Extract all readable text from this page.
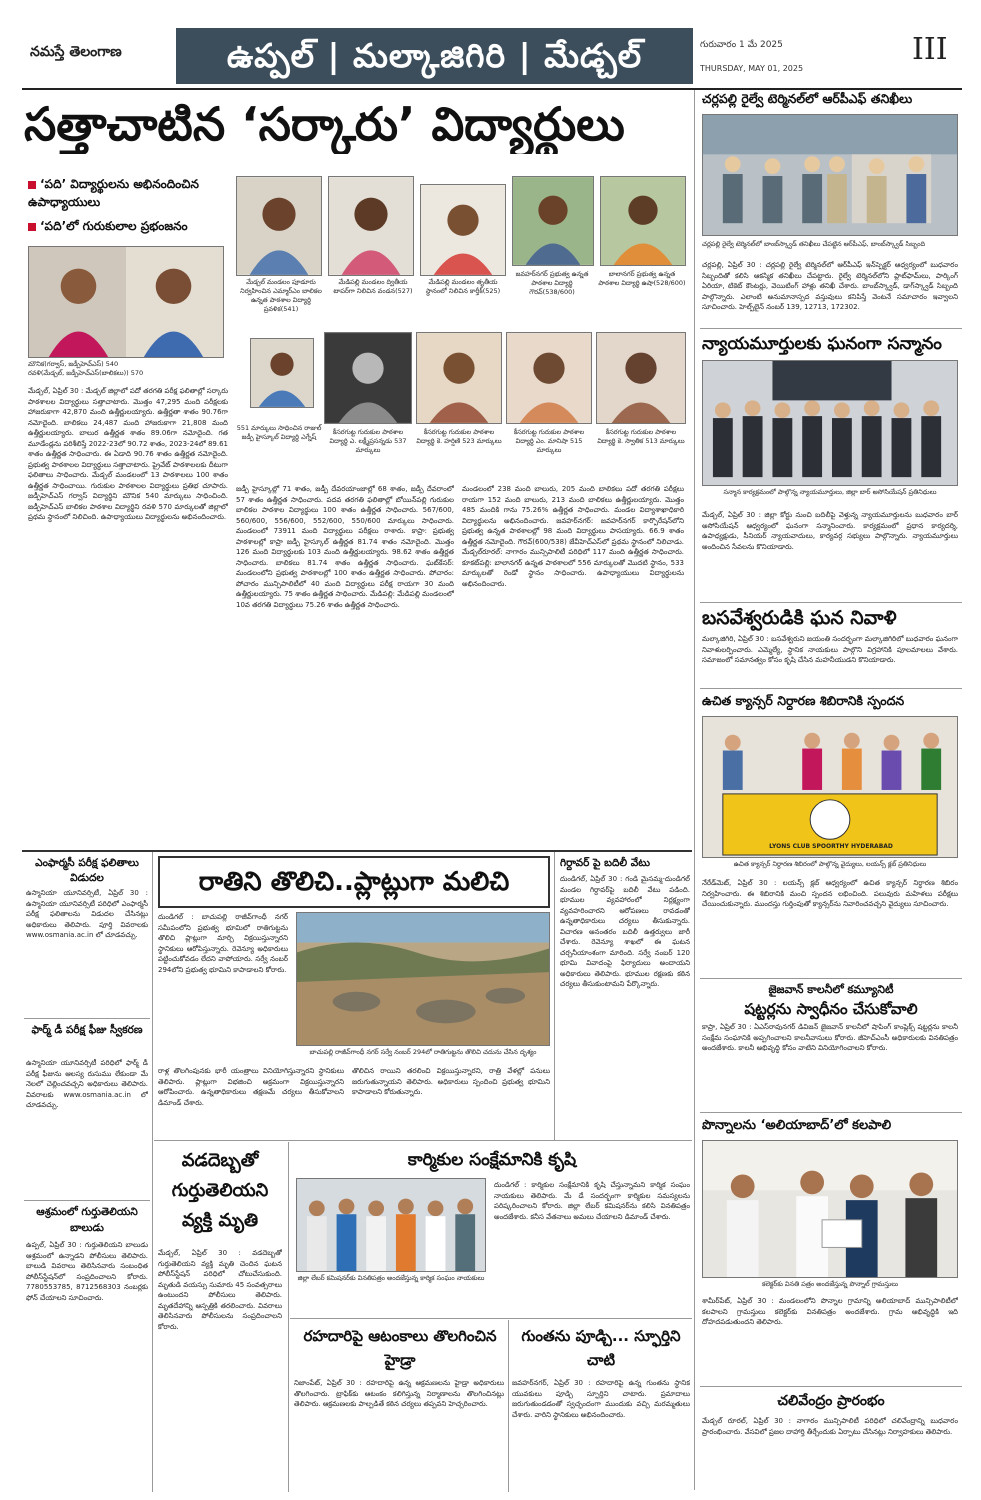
నమస్తే తెలంగాణ	ఉప్పల్ | మల్కాజిగిరి | మేడ్చల్	గురువారం 1 మే 2025
THURSDAY, MAY 01, 2025
III
సత్తాచాటిన ‘సర్కారు’ విద్యార్థులు
‘పది’ విద్యార్థులను అభినందించిన ఉపాధ్యాయులు
‘పది’లో గురుకులాల ప్రభంజనం
మౌనిక(గర్వాస్, జడ్పీహెచ్ఎస్) 540
రవళి(మేడ్చల్, జడ్పీహెచ్ఎస్(బాలికలు)) 570
మేడ్చల్ మండలం పూడూరు నిర్వహించిన ఎమ్మార్ఎం బాలికల ఉన్నత పాఠశాల విద్యార్థి ప్రవళిక(541)
మేడిపల్లి మండలం ద్వితీయ టాపర్‌గా నిలిచిన వండన(527)
మేడిపల్లి మండలం తృతీయ స్థానంలో నిలిచిన కార్తీక్(525)
జవహర్‌నగర్ ప్రభుత్వ ఉన్నత పాఠశాల విద్యార్థి గౌరవ్(538/600)
బాలానగర్ ప్రభుత్వ ఉన్నత పాఠశాల విద్యార్థి ఉషా(528/600)
551 మార్కులు సాధించిన రాజుల్ జడ్పీ హైస్కూల్ విద్యార్థి ఎగ్నేష్
కీసరగుట్ట గురుకుల పాఠశాల విద్యార్థి ఎ. లక్ష్మీప్రసన్నడు 537 మార్కులు
కీసరగుట్ట గురుకుల పాఠశాల విద్యార్థి కె. హర్షిణి 523 మార్కులు
కీసరగుట్ట గురుకుల పాఠశాల విద్యార్థి ఎం. మానిషా 515 మార్కులు
కీసరగుట్ట గురుకుల పాఠశాల విద్యార్థి కె. స్వాతిక 513 మార్కులు
మేడ్చల్, ఏప్రిల్ 30 : మేడ్చల్ జిల్లాలో పదో తరగతి పరీక్ష ఫలితాల్లో సర్కారు పాఠశాలల విద్యార్థులు సత్తాచాటారు. మొత్తం 47,295 మంది పరీక్షలకు హాజరుకాగా 42,870 మంది ఉత్తీర్ణులయ్యారు. ఉత్తీర్ణతా శాతం 90.76గా నమోదైంది. బాలికలు 24,487 మంది హాజరుకాగా 21,808 మంది ఉత్తీర్ణులయ్యారు. బాలుర ఉత్తీర్ణత శాతం 89.06గా నమోదైంది. గత మూడేండ్లను పరిశీలిస్తే 2022-23లో 90.72 శాతం, 2023-24లో 89.61 శాతం ఉత్తీర్ణత సాధించారు. ఈ ఏడాది 90.76 శాతం ఉత్తీర్ణత నమోదైంది. ప్రభుత్వ పాఠశాలల విద్యార్థులు సత్తాచాటారు. ప్రైవేట్ పాఠశాలలకు దీటుగా ఫలితాలు సాధించారు. మేడ్చల్ మండలంలో 13 పాఠశాలలు 100 శాతం ఉత్తీర్ణత సాధించాయి. గురుకుల పాఠశాలల విద్యార్థులు ప్రతిభ చూపారు. జడ్పీహెచ్ఎస్ గర్వాస్ విద్యార్థిని మౌనిక 540 మార్కులు సాధించింది. జడ్పీహెచ్ఎస్ బాలికల పాఠశాల విద్యార్థిని రవళి 570 మార్కులతో జిల్లాలో ప్రథమ స్థానంలో నిలిచింది. ఉపాధ్యాయులు విద్యార్థులను అభినందించారు.
జడ్పీ హైస్కూల్లో 71 శాతం, జడ్పీ దేవరయాంజాల్లో 68 శాతం, జడ్పీ దేవరాంలో 57 శాతం ఉత్తీర్ణత సాధించారు. పదవ తరగతి ఫలితాల్లో బోయిన్‌పల్లి గురుకుల బాలికల పాఠశాల విద్యార్థులు 100 శాతం ఉత్తీర్ణత సాధించారు. 567/600, 560/600, 556/600, 552/600, 550/600 మార్కులు సాధించారు. మండలంలో 73911 మంది విద్యార్థులు పరీక్షలు రాశారు. కాప్రా: ప్రభుత్వ పాఠశాలల్లో కాప్రా జడ్పీ హైస్కూల్ ఉత్తీర్ణత 81.74 శాతం నమోదైంది. మొత్తం 126 మంది విద్యార్థులకు 103 మంది ఉత్తీర్ణులయ్యారు. 98.62 శాతం ఉత్తీర్ణత సాధించారు. బాలికలు 81.74 శాతం ఉత్తీర్ణత సాధించారు. ఘట్‌కేసర్: మండలంలోని ప్రభుత్వ పాఠశాలల్లో 100 శాతం ఉత్తీర్ణత సాధించారు. పోచారం: పోచారం మున్సిపాలిటీలో 40 మంది విద్యార్థులు పరీక్ష రాయగా 30 మంది ఉత్తీర్ణులయ్యారు. 75 శాతం ఉత్తీర్ణత సాధించారు. మేడిపల్లి: మేడిపల్లి మండలంలో 10వ తరగతి విద్యార్థులు 75.26 శాతం ఉత్తీర్ణత సాధించారు.
మండలంలో 238 మంది బాలురు, 205 మంది బాలికలు పదో తరగతి పరీక్షలు రాయగా 152 మంది బాలురు, 213 మంది బాలికలు ఉత్తీర్ణులయ్యారు. మొత్తం 485 మందికి గాను 75.26% ఉత్తీర్ణత సాధించారు. మండల విద్యాశాఖాధికారి విద్యార్థులను అభినందించారు. జవహర్‌నగర్: జవహర్‌నగర్ కార్పొరేషన్‌లోని ప్రభుత్వ ఉన్నత పాఠశాలల్లో 98 మంది విద్యార్థులు పాసయ్యారు. 66.9 శాతం ఉత్తీర్ణత నమోదైంది. గౌరవ్(600/538) జేవీహెచ్‌ఎస్‌లో ప్రథమ స్థానంలో నిలిచాడు. మేడ్చల్‌రూరల్: నాగారం మున్సిపాలిటీ పరిధిలో 117 మంది ఉత్తీర్ణత సాధించారు. కూకట్‌పల్లి: బాలానగర్ ఉన్నత పాఠశాలలో 556 మార్కులతో మొదటి స్థానం, 533 మార్కులతో రెండో స్థానం సాధించారు. ఉపాధ్యాయులు విద్యార్థులను అభినందించారు.
చర్లపల్లి రైల్వే టెర్మినల్‌లో ఆర్‌పీఎఫ్ తనిఖీలు
చర్లపల్లి రైల్వే టెర్మినల్‌లో బాంబ్‌స్క్వాడ్ తనిఖీలు చేపట్టిన ఆర్‌పీఎఫ్, బాంబ్‌స్క్వాడ్ సిబ్బంది
చర్లపల్లి, ఏప్రిల్ 30 : చర్లపల్లి రైల్వే టెర్మినల్‌లో ఆర్‌పీఎఫ్ ఇన్‌స్పెక్టర్ ఆధ్వర్యంలో బుధవారం సిబ్బందితో కలిసి ఆకస్మిక తనిఖీలు చేపట్టారు. రైల్వే టెర్మినల్‌లోని ప్లాట్‌ఫామ్‌లు, పార్కింగ్ ఏరియా, టికెట్ కౌంటర్లు, వెయిటింగ్ హాళ్లు తనిఖీ చేశారు. బాంబ్‌స్క్వాడ్, డాగ్‌స్క్వాడ్ సిబ్బంది పాల్గొన్నారు. ఎలాంటి అనుమానాస్పద వస్తువులు కనిపిస్తే వెంటనే సమాచారం ఇవ్వాలని సూచించారు. హెల్ప్‌లైన్ నంబర్ 139, 12713, 172302.
న్యాయమూర్తులకు ఘనంగా సన్మానం
సన్మాన కార్యక్రమంలో పాల్గొన్న న్యాయమూర్తులు, జిల్లా బార్ అసోసియేషన్ ప్రతినిధులు
మేడ్చల్, ఏప్రిల్ 30 : జిల్లా కోర్టు నుంచి బదిలీపై వెళ్తున్న న్యాయమూర్తులను బుధవారం బార్ అసోసియేషన్ ఆధ్వర్యంలో ఘనంగా సన్మానించారు. కార్యక్రమంలో ప్రధాన కార్యదర్శి, ఉపాధ్యక్షుడు, సీనియర్ న్యాయవాదులు, కార్యవర్గ సభ్యులు పాల్గొన్నారు. న్యాయమూర్తులు అందించిన సేవలను కొనియాడారు.
బసవేశ్వరుడికి ఘన నివాళి
మల్కాజిగిరి, ఏప్రిల్ 30 : బసవేశ్వరుని జయంతి సందర్భంగా మల్కాజిగిరిలో బుధవారం ఘనంగా నివాళులర్పించారు. ఎమ్మెల్యే, స్థానిక నాయకులు పాల్గొని విగ్రహానికి పూలమాలలు వేశారు. సమాజంలో సమానత్వం కోసం కృషి చేసిన మహనీయుడని కొనియాడారు.
ఉచిత క్యాన్సర్ నిర్ధారణ శిబిరానికి స్పందన
LYONS CLUB SPOORTHY HYDERABAD
ఉచిత క్యాన్సర్ నిర్ధారణ శిబిరంలో పాల్గొన్న వైద్యులు, లయన్స్ క్లబ్ ప్రతినిధులు
నేరేడ్‌మెట్, ఏప్రిల్ 30 : లయన్స్ క్లబ్ ఆధ్వర్యంలో ఉచిత క్యాన్సర్ నిర్ధారణ శిబిరం నిర్వహించారు. ఈ శిబిరానికి మంచి స్పందన లభించింది. పలువురు మహిళలు పరీక్షలు చేయించుకున్నారు. ముందస్తు గుర్తింపుతో క్యాన్సర్‌ను నివారించవచ్చని వైద్యులు సూచించారు.
జైజవాన్ కాలనీలో కమ్యూనిటీ
షట్టర్లను స్వాధీనం చేసుకోవాలి
కాప్రా, ఏప్రిల్ 30 : ఏఎస్‌రావునగర్ డివిజన్ జైజవాన్ కాలనీలో షాపింగ్ కాంప్లెక్స్ షట్టర్లను కాలనీ సంక్షేమ సంఘానికి అప్పగించాలని కాలనీవాసులు కోరారు. జీహెచ్‌ఎంసీ అధికారులకు వినతిపత్రం అందజేశారు. కాలనీ అభివృద్ధి కోసం వాటిని వినియోగించాలని కోరారు.
పొన్నాలను ‘అలియాబాద్’లో కలపాలి
కలెక్టర్‌కు వినతి పత్రం అందజేస్తున్న పొన్నాల్ గ్రామస్తులు
శామీర్‌పేట్, ఏప్రిల్ 30 : మండలంలోని పొన్నాల గ్రామాన్ని అలియాబాద్ మున్సిపాలిటీలో కలపాలని గ్రామస్తులు కలెక్టర్‌కు వినతిపత్రం అందజేశారు. గ్రామ అభివృద్ధికి ఇది దోహదపడుతుందని తెలిపారు.
చలివేంద్రం ప్రారంభం
మేడ్చల్ రూరల్, ఏప్రిల్ 30 : నాగారం మున్సిపాలిటీ పరిధిలో చలివేంద్రాన్ని బుధవారం ప్రారంభించారు. వేసవిలో ప్రజల దాహార్తి తీర్చేందుకు ఏర్పాటు చేసినట్లు నిర్వాహకులు తెలిపారు.
ఎంఫార్మసీ పరీక్ష ఫలితాలు విడుదల
ఉస్మానియా యూనివర్సిటీ, ఏప్రిల్ 30 : ఉస్మానియా యూనివర్సిటీ పరిధిలో ఎంఫార్మసీ పరీక్ష ఫలితాలను విడుదల చేసినట్లు అధికారులు తెలిపారు. పూర్తి వివరాలకు www.osmania.ac.in లో చూడవచ్చు.
ఫార్మ్ డీ పరీక్ష ఫీజు స్వీకరణ
ఉస్మానియా యూనివర్సిటీ పరిధిలో ఫార్మ్ డీ పరీక్ష ఫీజును ఆలస్య రుసుము లేకుండా మే నెలలో చెల్లించవచ్చని అధికారులు తెలిపారు. వివరాలకు www.osmania.ac.in లో చూడవచ్చు.
ఆశ్రమంలో గుర్తుతెలియని బాలుడు
ఉప్పల్, ఏప్రిల్ 30 : గుర్తుతెలియని బాలుడు ఆశ్రమంలో ఉన్నాడని పోలీసులు తెలిపారు. బాలుడి వివరాలు తెలిసినవారు సంబంధిత పోలీస్‌స్టేషన్‌లో సంప్రదించాలని కోరారు. 7780553785, 8712568303 నంబర్లకు ఫోన్ చేయాలని సూచించారు.
రాతిని తొలిచి..ప్లాట్లుగా మలిచి
దుండిగల్ : బాచుపల్లి రాజీవ్‌గాంధీ నగర్ సమీపంలోని ప్రభుత్వ భూమిలో రాతిగుట్టను తొలిచి ప్లాట్లుగా మార్చి విక్రయిస్తున్నారని స్థానికులు ఆరోపిస్తున్నారు. రెవెన్యూ అధికారులు పట్టించుకోవడం లేదని వాపోయారు. సర్వే నంబర్ 294లోని ప్రభుత్వ భూమిని కాపాడాలని కోరారు.
బాచుపల్లి రాజీవ్‌గాంధీ నగర్ సర్వే నంబర్ 294లో రాతిగుట్టను తొలిచి చదును చేసిన దృశ్యం
రాళ్ల తొలగింపునకు భారీ యంత్రాలు వినియోగిస్తున్నారని స్థానికులు తెలిపారు. ప్లాట్లుగా విభజించి అక్రమంగా విక్రయిస్తున్నారని ఆరోపించారు. ఉన్నతాధికారులు తక్షణమే చర్యలు తీసుకోవాలని డిమాండ్ చేశారు.
తొలిచిన రాయిని తరలించి విక్రయిస్తున్నారని, రాత్రి వేళల్లో పనులు జరుగుతున్నాయని తెలిపారు. అధికారులు స్పందించి ప్రభుత్వ భూమిని కాపాడాలని కోరుతున్నారు.
గిర్దావర్ పై బదిలీ వేటు
దుండిగల్, ఏప్రిల్ 30 : గండి మైసమ్మ-దుండిగల్ మండల గిర్దావర్‌పై బదిలీ వేటు పడింది. భూముల వ్యవహారంలో నిర్లక్ష్యంగా వ్యవహరించారని ఆరోపణలు రావడంతో ఉన్నతాధికారులు చర్యలు తీసుకున్నారు. విచారణ అనంతరం బదిలీ ఉత్తర్వులు జారీ చేశారు. రెవెన్యూ శాఖలో ఈ ఘటన చర్చనీయాంశంగా మారింది. సర్వే నంబర్ 120 భూమి వివాదంపై ఫిర్యాదులు అందాయని అధికారులు తెలిపారు. భూముల రక్షణకు కఠిన చర్యలు తీసుకుంటామని పేర్కొన్నారు.
వడదెబ్బతో గుర్తుతెలియని వ్యక్తి మృతి
మేడ్చల్, ఏప్రిల్ 30 : వడదెబ్బతో గుర్తుతెలియని వ్యక్తి మృతి చెందిన ఘటన పోలీస్‌స్టేషన్ పరిధిలో చోటుచేసుకుంది. మృతుడి వయస్సు సుమారు 45 సంవత్సరాలు ఉంటుందని పోలీసులు తెలిపారు. మృతదేహాన్ని ఆస్పత్రికి తరలించారు. వివరాలు తెలిసినవారు పోలీసులను సంప్రదించాలని కోరారు.
కార్మికుల సంక్షేమానికి కృషి
జిల్లా లేబర్ కమిషనర్‌కు వినతిపత్రం అందజేస్తున్న కార్మిక సంఘం నాయకులు
దుండిగల్ : కార్మికుల సంక్షేమానికి కృషి చేస్తున్నామని కార్మిక సంఘం నాయకులు తెలిపారు. మే డే సందర్భంగా కార్మికుల సమస్యలను పరిష్కరించాలని కోరారు. జిల్లా లేబర్ కమిషనర్‌ను కలిసి వినతిపత్రం అందజేశారు. కనీస వేతనాలు అమలు చేయాలని డిమాండ్ చేశారు.
రహదారిపై ఆటంకాలు తొలగించిన హైడ్రా
నిజాంపేట్, ఏప్రిల్ 30 : రహదారిపై ఉన్న ఆక్రమణలను హైడ్రా అధికారులు తొలగించారు. ట్రాఫిక్‌కు ఆటంకం కలిగిస్తున్న నిర్మాణాలను తొలగించినట్లు తెలిపారు. ఆక్రమణలకు పాల్పడితే కఠిన చర్యలు తప్పవని హెచ్చరించారు.
గుంతను పూడ్చి... స్ఫూర్తిని చాటి
జవహర్‌నగర్, ఏప్రిల్ 30 : రహదారిపై ఉన్న గుంతను స్థానిక యువకులు పూడ్చి స్ఫూర్తిని చాటారు. ప్రమాదాలు జరుగుతుండడంతో స్వచ్ఛందంగా ముందుకు వచ్చి మరమ్మతులు చేశారు. వారిని స్థానికులు అభినందించారు.
